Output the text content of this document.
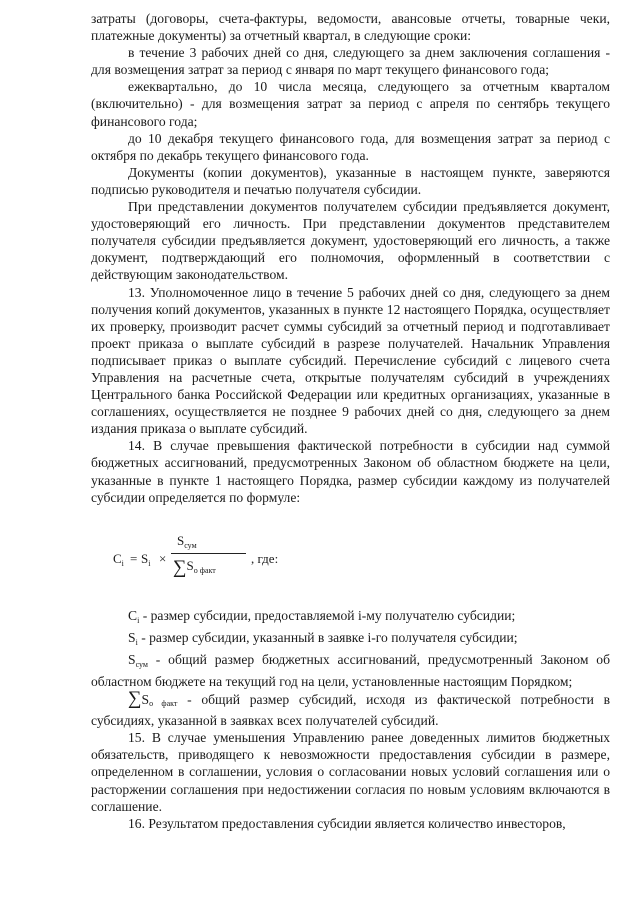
затраты (договоры, счета-фактуры, ведомости, авансовые отчеты, товарные чеки, платежные документы) за отчетный квартал, в следующие сроки:

в течение 3 рабочих дней со дня, следующего за днем заключения соглашения - для возмещения затрат за период с января по март текущего финансового года;

ежеквартально, до 10 числа месяца, следующего за отчетным кварталом (включительно) - для возмещения затрат за период с апреля по сентябрь текущего финансового года;

до 10 декабря текущего финансового года, для возмещения затрат за период с октября по декабрь текущего финансового года.

Документы (копии документов), указанные в настоящем пункте, заверяются подписью руководителя и печатью получателя субсидии.

При представлении документов получателем субсидии предъявляется документ, удостоверяющий его личность. При представлении документов представителем получателя субсидии предъявляется документ, удостоверяющий его личность, а также документ, подтверждающий его полномочия, оформленный в соответствии с действующим законодательством.

13. Уполномоченное лицо в течение 5 рабочих дней со дня, следующего за днем получения копий документов, указанных в пункте 12 настоящего Порядка, осуществляет их проверку, производит расчет суммы субсидий за отчетный период и подготавливает проект приказа о выплате субсидий в разрезе получателей. Начальник Управления подписывает приказ о выплате субсидий. Перечисление субсидий с лицевого счета Управления на расчетные счета, открытые получателям субсидий в учреждениях Центрального банка Российской Федерации или кредитных организациях, указанные в соглашениях, осуществляется не позднее 9 рабочих дней со дня, следующего за днем издания приказа о выплате субсидий.

14. В случае превышения фактической потребности в субсидии над суммой бюджетных ассигнований, предусмотренных Законом об областном бюджете на цели, указанные в пункте 1 настоящего Порядка, размер субсидии каждому из получателей субсидии определяется по формуле:

$C_i = S_i$ ×
$S_{сум}$
$\sum S_{о факт}$
, где:

$C_i$ - размер субсидии, предоставляемой i-му получателю субсидии;

$S_i$ - размер субсидии, указанный в заявке i-го получателя субсидии;

$S_{сум}$ - общий размер бюджетных ассигнований, предусмотренный Законом об областном бюджете на текущий год на цели, установленные настоящим Порядком;

∑Sо факт - общий размер субсидий, исходя из фактической потребности в субсидиях, указанной в заявках всех получателей субсидий.

15. В случае уменьшения Управлению ранее доведенных лимитов бюджетных обязательств, приводящего к невозможности предоставления субсидии в размере, определенном в соглашении, условия о согласовании новых условий соглашения или о расторжении соглашения при недостижении согласия по новым условиям включаются в соглашение.

16. Результатом предоставления субсидии является количество инвесторов,
